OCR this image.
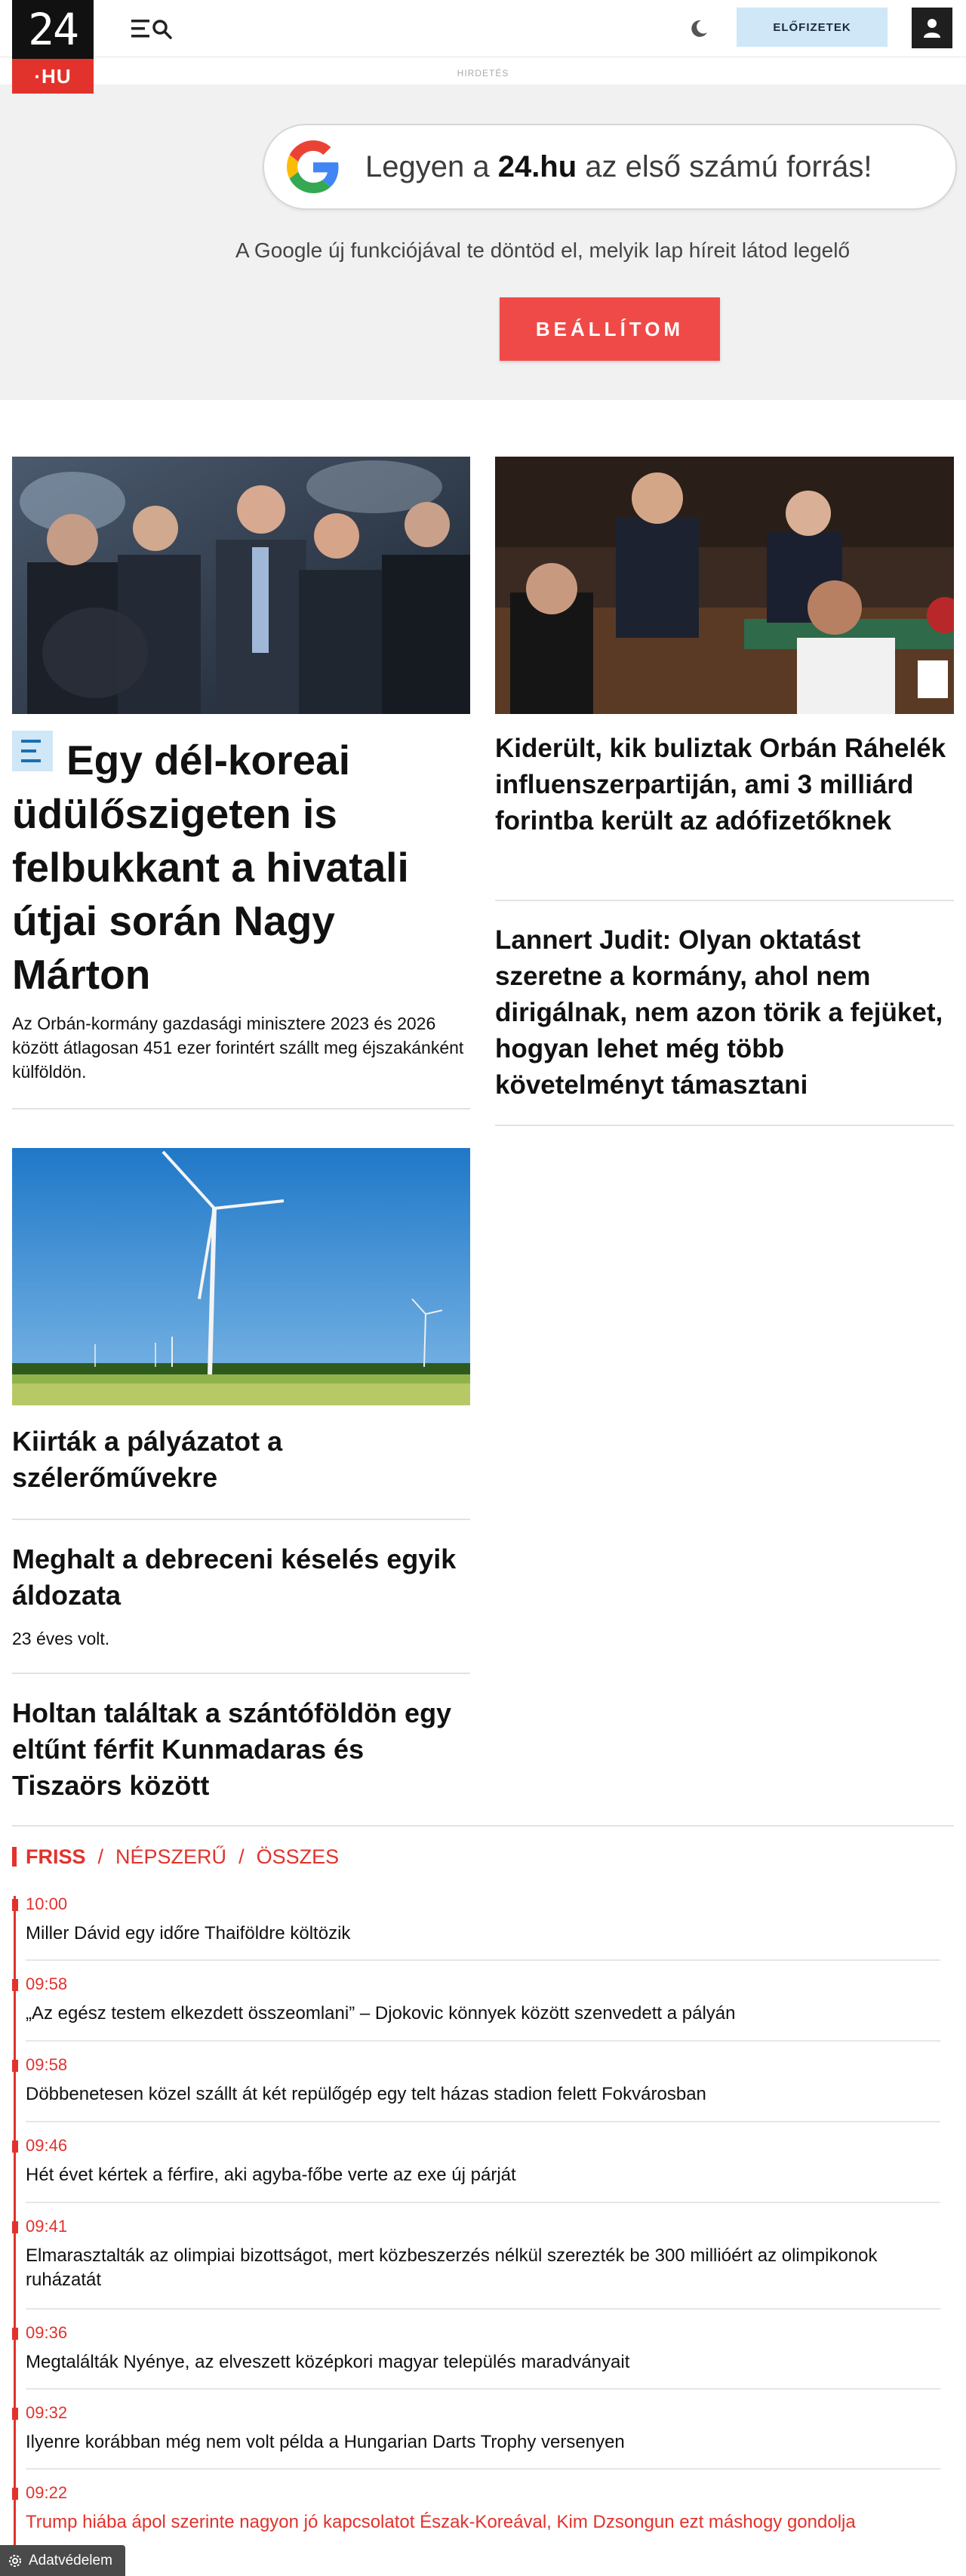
24
·HU
ELŐFIZETEK
HIRDETÉS
Legyen a 24.hu az első számú forrás!
A Google új funkciójával te döntöd el, melyik lap híreit látod legelő
BEÁLLÍTOM
Egy dél-koreai üdülőszigeten is felbukkant a hivatali útjai során Nagy Márton
Az Orbán-kormány gazdasági minisztere 2023 és 2026 között átlagosan 451 ezer forintért szállt meg éjszakánként külföldön.
Kiderült, kik buliztak Orbán Ráhelék influenszerpartiján, ami 3 milliárd forintba került az adófizetőknek
Lannert Judit: Olyan oktatást szeretne a kormány, ahol nem dirigálnak, nem azon törik a fejüket, hogyan lehet még több követelményt támasztani
Kiirták a pályázatot a szélerőművekre
Meghalt a debreceni késelés egyik áldozata
23 éves volt.
Holtan találtak a szántóföldön egy eltűnt férfit Kunmadaras és Tiszaörs között
FRISS / NÉPSZERŰ / ÖSSZES
10:00
Miller Dávid egy időre Thaiföldre költözik
09:58
„Az egész testem elkezdett összeomlani” – Djokovic könnyek között szenvedett a pályán
09:58
Döbbenetesen közel szállt át két repülőgép egy telt házas stadion felett Fokvárosban
09:46
Hét évet kértek a férfire, aki agyba-főbe verte az exe új párját
09:41
Elmarasztalták az olimpiai bizottságot, mert közbeszerzés nélkül szerezték be 300 millióért az olimpikonok ruházatát
09:36
Megtalálták Nyénye, az elveszett középkori magyar település maradványait
09:32
Ilyenre korábban még nem volt példa a Hungarian Darts Trophy versenyen
09:22
Trump hiába ápol szerinte nagyon jó kapcsolatot Észak-Koreával, Kim Dzsongun ezt máshogy gondolja
Adatvédelem
